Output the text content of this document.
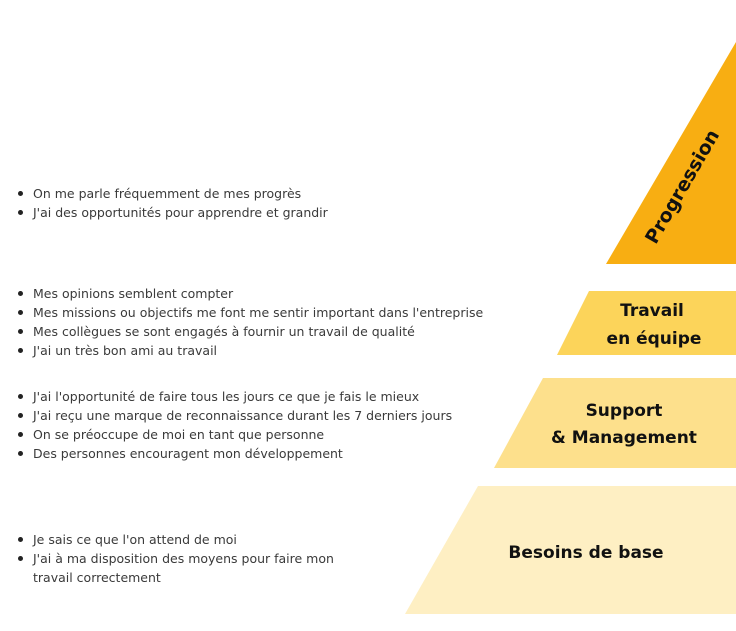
Progression
Travail
en équipe
Support
& Management
Besoins de base
On me parle fréquemment de mes progrès
J'ai des opportunités pour apprendre et grandir
Mes opinions semblent compter
Mes missions ou objectifs me font me sentir important dans l'entreprise
Mes collègues se sont engagés à fournir un travail de qualité
J'ai un très bon ami au travail
J'ai l'opportunité de faire tous les jours ce que je fais le mieux
J'ai reçu une marque de reconnaissance durant les 7 derniers jours
On se préoccupe de moi en tant que personne
Des personnes encouragent mon développement
Je sais ce que l'on attend de moi
J'ai à ma disposition des moyens pour faire mon travail correctement
